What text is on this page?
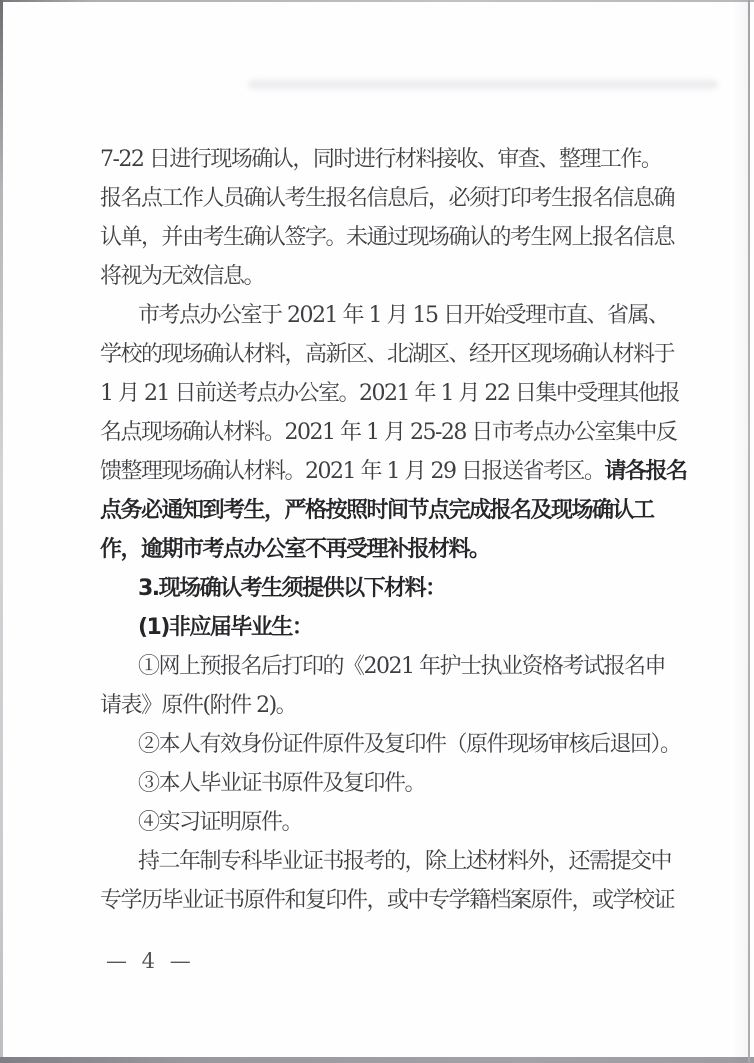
7-22 日进行现场确认，同时进行材料接收、审查、整理工作。
报名点工作人员确认考生报名信息后，必须打印考生报名信息确
认单，并由考生确认签字。未通过现场确认的考生网上报名信息
将视为无效信息。
市考点办公室于 2021 年 1 月 15 日开始受理市直、省属、
学校的现场确认材料，高新区、北湖区、经开区现场确认材料于
1 月 21 日前送考点办公室。2021 年 1 月 22 日集中受理其他报
名点现场确认材料。2021 年 1 月 25-28 日市考点办公室集中反
馈整理现场确认材料。2021 年 1 月 29 日报送省考区。请各报名
点务必通知到考生，严格按照时间节点完成报名及现场确认工
作，逾期市考点办公室不再受理补报材料。
3.现场确认考生须提供以下材料：
(1)非应届毕业生：
①网上预报名后打印的《2021 年护士执业资格考试报名申
请表》原件(附件 2)。
②本人有效身份证件原件及复印件（原件现场审核后退回）。
③本人毕业证书原件及复印件。
④实习证明原件。
持二年制专科毕业证书报考的，除上述材料外，还需提交中
专学历毕业证书原件和复印件，或中专学籍档案原件，或学校证
— 4 —
